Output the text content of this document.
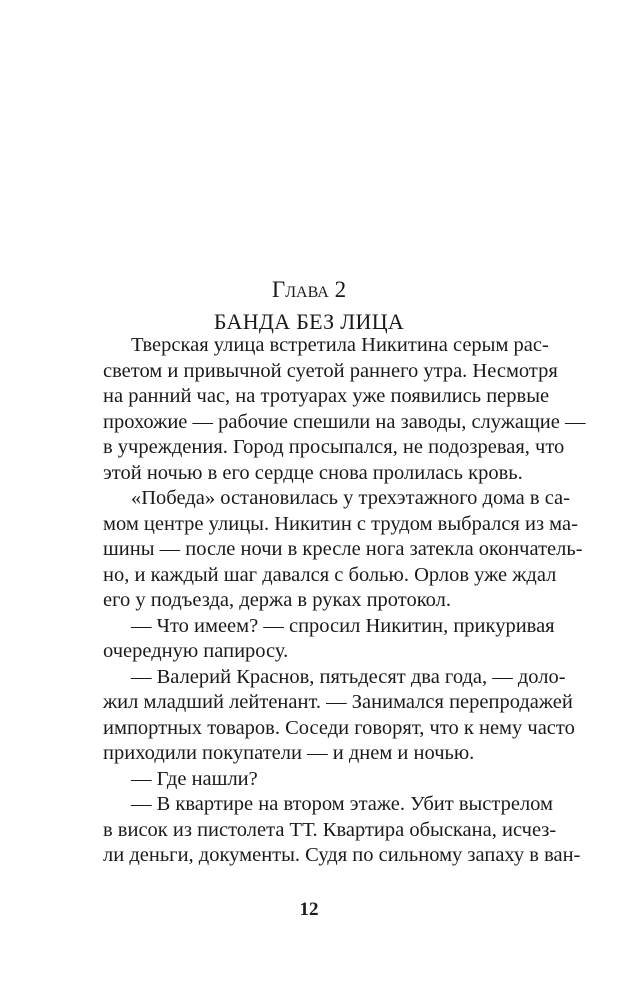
Глава 2
БАНДА БЕЗ ЛИЦА
Тверская улица встретила Никитина серым рас-
светом и привычной суетой раннего утра. Несмотря
на ранний час, на тротуарах уже появились первые
прохожие — рабочие спешили на заводы, служащие —
в учреждения. Город просыпался, не подозревая, что
этой ночью в его сердце снова пролилась кровь.
«Победа» остановилась у трехэтажного дома в са-
мом центре улицы. Никитин с трудом выбрался из ма-
шины — после ночи в кресле нога затекла окончатель-
но, и каждый шаг давался с болью. Орлов уже ждал
его у подъезда, держа в руках протокол.
— Что имеем? — спросил Никитин, прикуривая
очередную папиросу.
— Валерий Краснов, пятьдесят два года, — доло-
жил младший лейтенант. — Занимался перепродажей
импортных товаров. Соседи говорят, что к нему часто
приходили покупатели — и днем и ночью.
— Где нашли?
— В квартире на втором этаже. Убит выстрелом
в висок из пистолета ТТ. Квартира обыскана, исчез-
ли деньги, документы. Судя по сильному запаху в ван-
12
